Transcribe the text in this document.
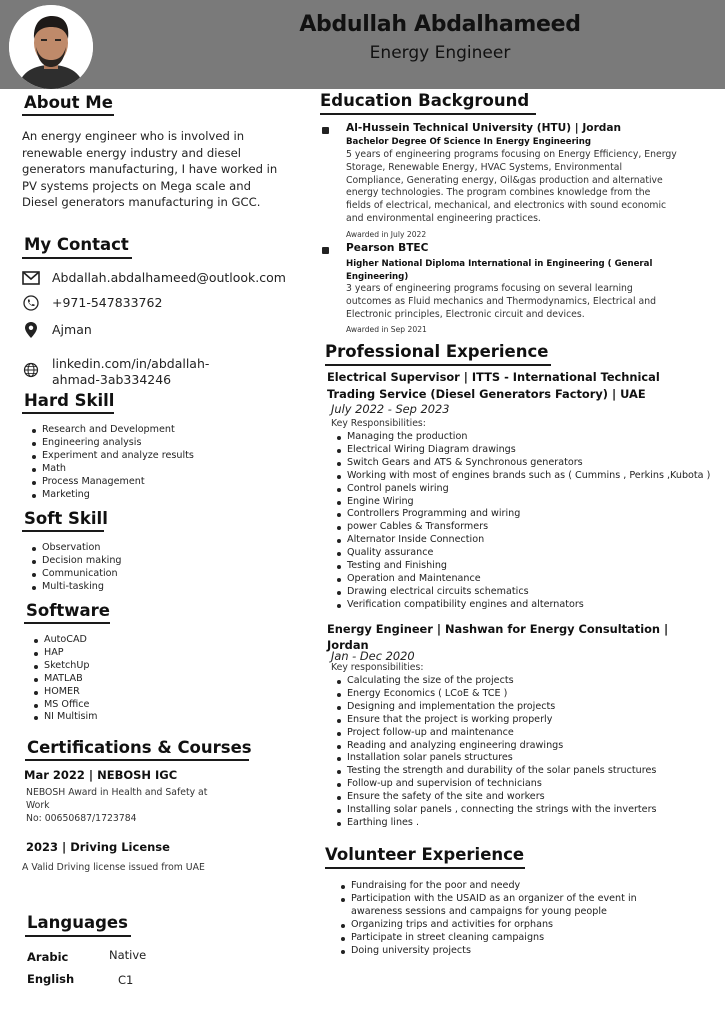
Abdullah Abdalhameed
Energy Engineer
About Me
An energy engineer who is involved in
renewable energy industry and diesel
generators manufacturing, I have worked in
PV systems projects on Mega scale and
Diesel generators manufacturing in GCC.
My Contact
Abdallah.abdalhameed@outlook.com
+971-547833762
Ajman
linkedin.com/in/abdallah-
ahmad-3ab334246
Hard Skill
Research and Development
Engineering analysis
Experiment and analyze results
Math
Process Management
Marketing
Soft Skill
Observation
Decision making
Communication
Multi-tasking
Software
AutoCAD
HAP
SketchUp
MATLAB
HOMER
MS Office
NI Multisim
Certifications & Courses
Mar 2022 | NEBOSH IGC
NEBOSH Award in Health and Safety at
Work
No: 00650687/1723784
2023 | Driving License
A Valid Driving license issued from UAE
Languages
Arabic	Native
English	C1
Education Background
Al-Hussein Technical University (HTU) | Jordan
Bachelor Degree Of Science In Energy Engineering
5 years of engineering programs focusing on Energy Efficiency, Energy
Storage, Renewable Energy, HVAC Systems, Environmental
Compliance, Generating energy, Oil&gas production and alternative
energy technologies. The program combines knowledge from the
fields of electrical, mechanical, and electronics with sound economic
and environmental engineering practices.
Awarded in July 2022
Pearson BTEC
Higher National Diploma International in Engineering ( General
Engineering)
3 years of engineering programs focusing on several learning
outcomes as Fluid mechanics and Thermodynamics, Electrical and
Electronic principles, Electronic circuit and devices.
Awarded in Sep 2021
Professional Experience
Electrical Supervisor | ITTS - International Technical
Trading Service (Diesel Generators Factory) | UAE
July 2022 - Sep 2023
Key Responsibilities:
Managing the production
Electrical Wiring Diagram drawings
Switch Gears and ATS & Synchronous generators
Working with most of engines brands such as ( Cummins , Perkins ,Kubota )
Control panels wiring
Engine Wiring
Controllers Programming and wiring
power Cables & Transformers
Alternator Inside Connection
Quality assurance
Testing and Finishing
Operation and Maintenance
Drawing electrical circuits schematics
Verification compatibility engines and alternators
Energy Engineer | Nashwan for Energy Consultation |
Jordan
Jan - Dec 2020
Key responsibilities:
Calculating the size of the projects
Energy Economics ( LCoE & TCE )
Designing and implementation the projects
Ensure that the project is working properly
Project follow-up and maintenance
Reading and analyzing engineering drawings
Installation solar panels structures
Testing the strength and durability of the solar panels structures
Follow-up and supervision of technicians
Ensure the safety of the site and workers
Installing solar panels , connecting the strings with the inverters
Earthing lines .
Volunteer Experience
Fundraising for the poor and needy
Participation with the USAID as an organizer of the event in
awareness sessions and campaigns for young people
Organizing trips and activities for orphans
Participate in street cleaning campaigns
Doing university projects
